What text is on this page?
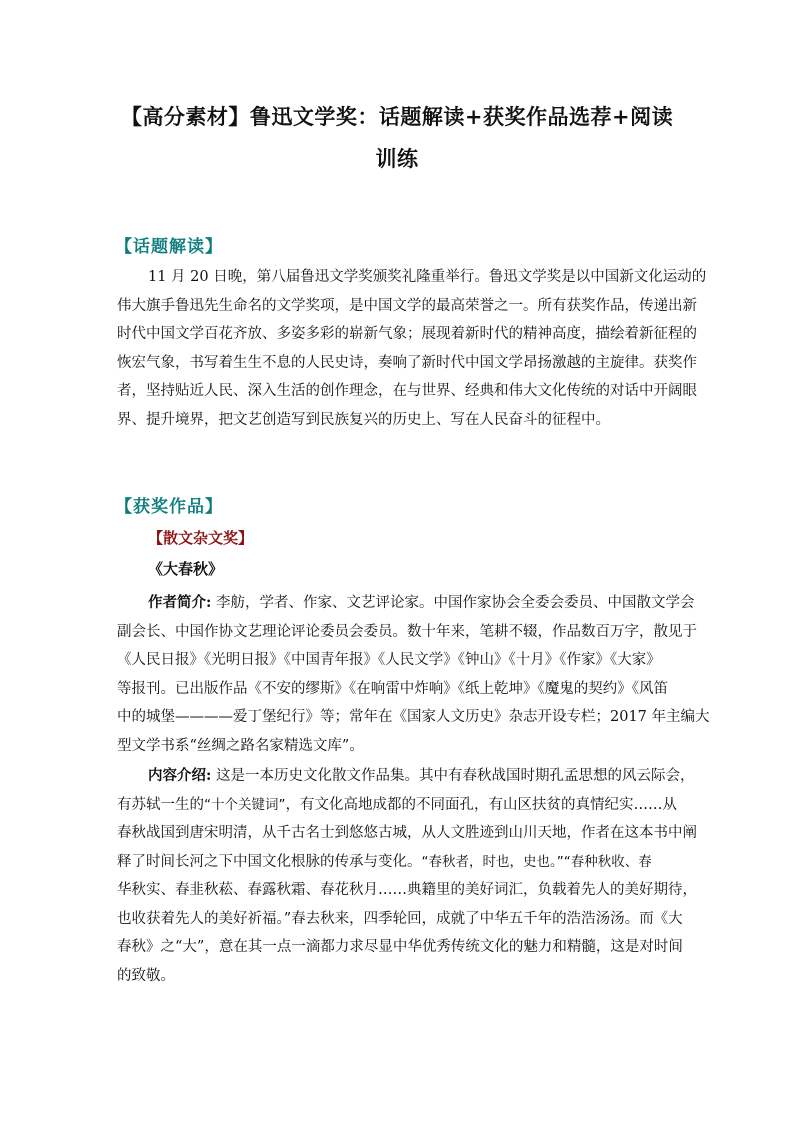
【高分素材】鲁迅文学奖：话题解读+获奖作品选荐+阅读
训练
【话题解读】
11 月 20 日晚，第八届鲁迅文学奖颁奖礼隆重举行。鲁迅文学奖是以中国新文化运动的
伟大旗手鲁迅先生命名的文学奖项，是中国文学的最高荣誉之一。所有获奖作品，传递出新
时代中国文学百花齐放、多姿多彩的崭新气象；展现着新时代的精神高度，描绘着新征程的
恢宏气象，书写着生生不息的人民史诗，奏响了新时代中国文学昂扬激越的主旋律。获奖作
者，坚持贴近人民、深入生活的创作理念，在与世界、经典和伟大文化传统的对话中开阔眼
界、提升境界，把文艺创造写到民族复兴的历史上、写在人民奋斗的征程中。
【获奖作品】
【散文杂文奖】
《大春秋》
作者简介: 李舫，学者、作家、文艺评论家。中国作家协会全委会委员、中国散文学会
副会长、中国作协文艺理论评论委员会委员。数十年来，笔耕不辍，作品数百万字，散见于
《人民日报》《光明日报》《中国青年报》《人民文学》《钟山》《十月》《作家》《大家》
等报刊。已出版作品《不安的缪斯》《在响雷中炸响》《纸上乾坤》《魔鬼的契约》《风笛
中的城堡————爱丁堡纪行》等；常年在《国家人文历史》杂志开设专栏；2017 年主编大
型文学书系“丝绸之路名家精选文库”。
内容介绍: 这是一本历史文化散文作品集。其中有春秋战国时期孔孟思想的风云际会，
有苏轼一生的“十个关键词”，有文化高地成都的不同面孔，有山区扶贫的真情纪实……从
春秋战国到唐宋明清，从千古名士到悠悠古城，从人文胜迹到山川天地，作者在这本书中阐
释了时间长河之下中国文化根脉的传承与变化。“春秋者，时也，史也。”“春种秋收、春
华秋实、春韭秋菘、春露秋霜、春花秋月……典籍里的美好词汇，负载着先人的美好期待，
也收获着先人的美好祈福。”春去秋来，四季轮回，成就了中华五千年的浩浩汤汤。而《大
春秋》之“大”，意在其一点一滴都力求尽显中华优秀传统文化的魅力和精髓，这是对时间
的致敬。
